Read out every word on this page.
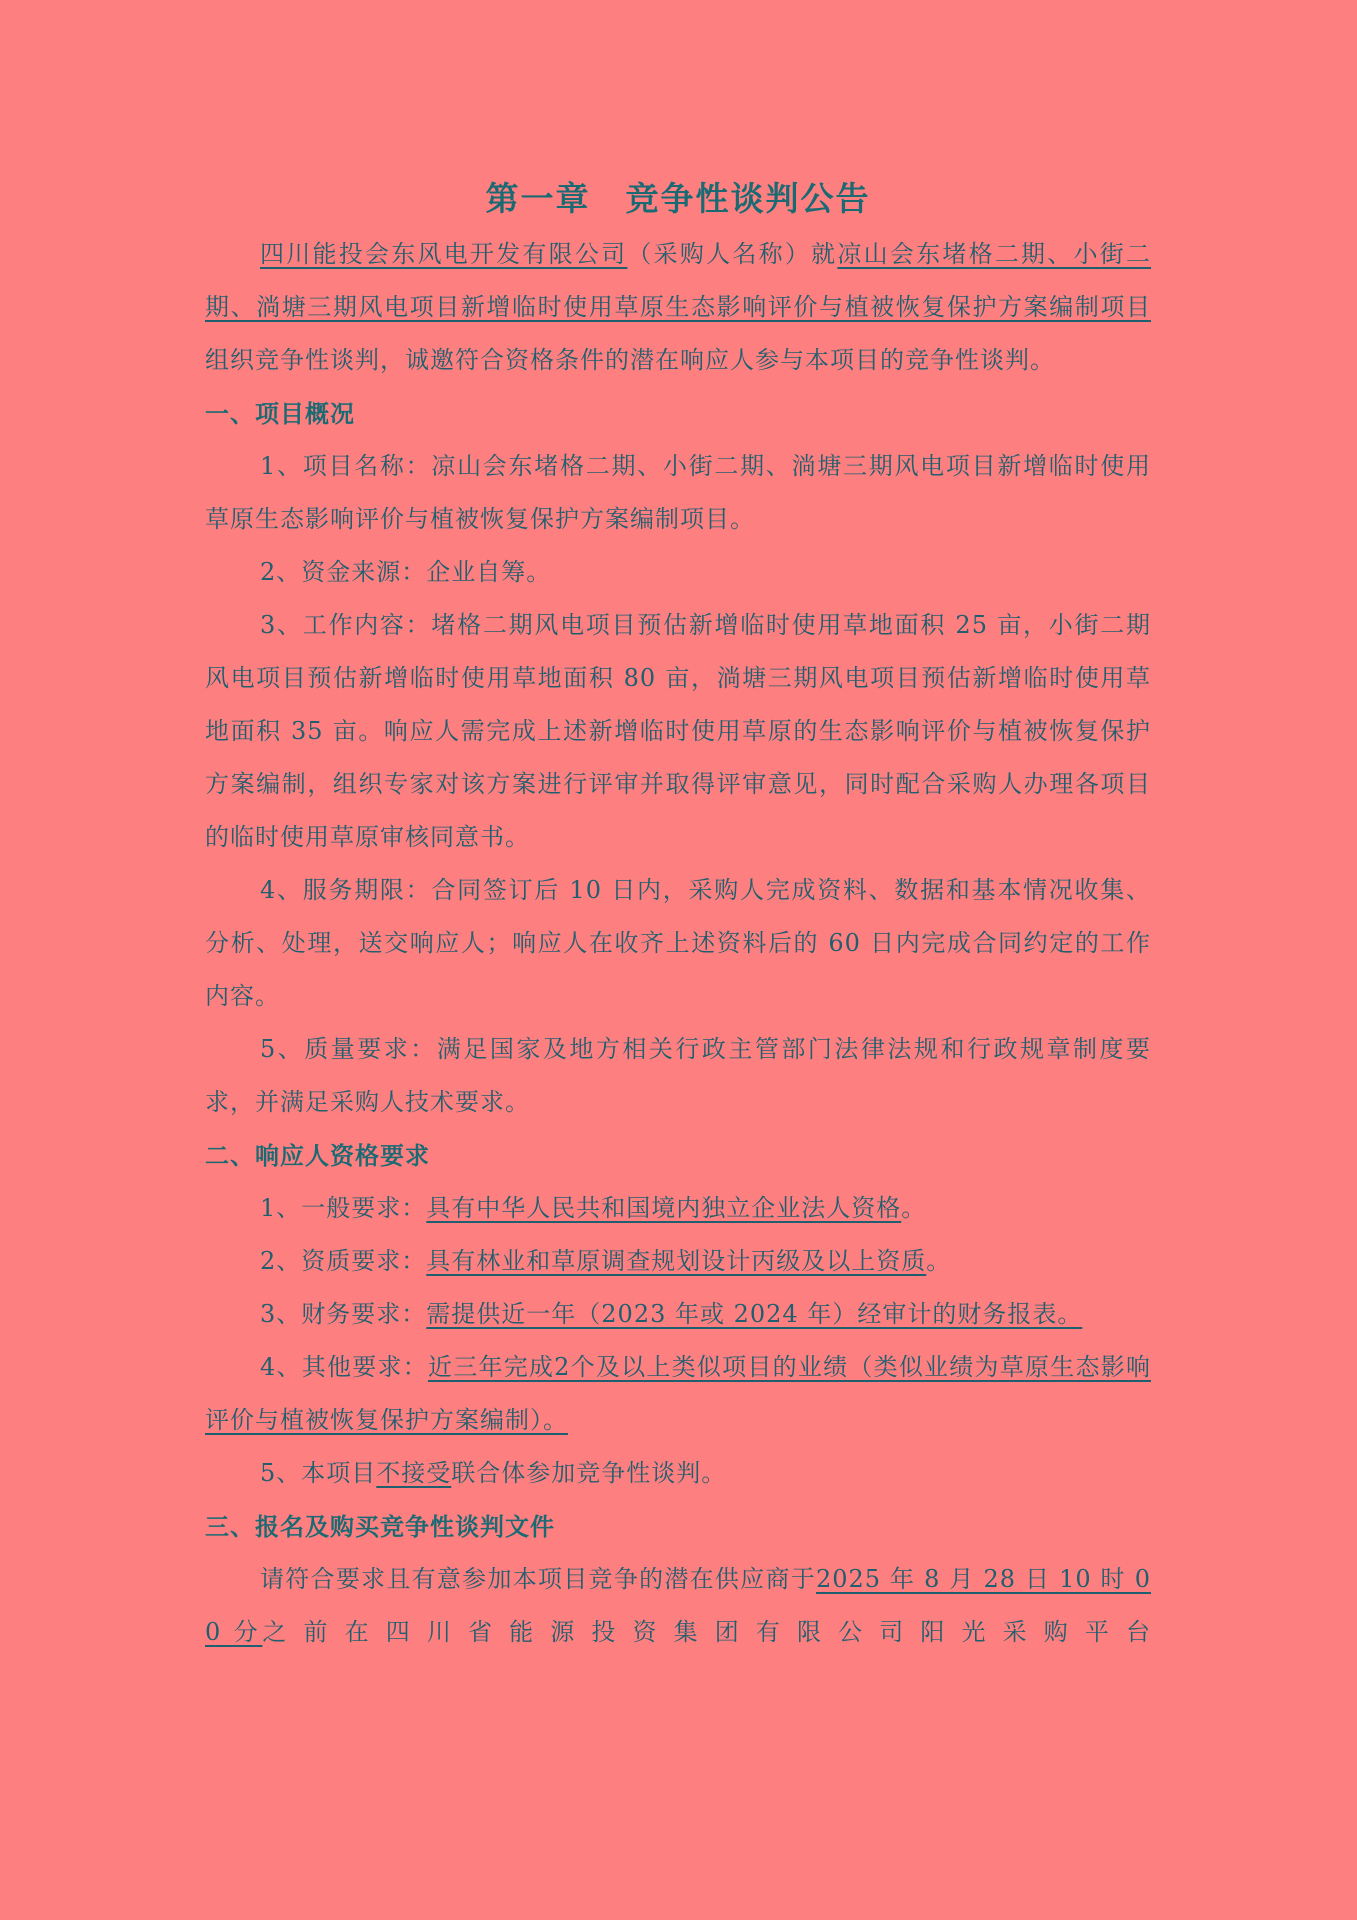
第一章　竞争性谈判公告

四川能投会东风电开发有限公司（采购人名称）就凉山会东堵格二期、小街二期、淌塘三期风电项目新增临时使用草原生态影响评价与植被恢复保护方案编制项目组织竞争性谈判，诚邀符合资格条件的潜在响应人参与本项目的竞争性谈判。

一、项目概况

1、项目名称：凉山会东堵格二期、小街二期、淌塘三期风电项目新增临时使用草原生态影响评价与植被恢复保护方案编制项目。

2、资金来源：企业自筹。

3、工作内容：堵格二期风电项目预估新增临时使用草地面积 25 亩，小街二期风电项目预估新增临时使用草地面积 80 亩，淌塘三期风电项目预估新增临时使用草地面积 35 亩。响应人需完成上述新增临时使用草原的生态影响评价与植被恢复保护方案编制，组织专家对该方案进行评审并取得评审意见，同时配合采购人办理各项目的临时使用草原审核同意书。

4、服务期限：合同签订后 10 日内，采购人完成资料、数据和基本情况收集、分析、处理，送交响应人；响应人在收齐上述资料后的 60 日内完成合同约定的工作内容。

5、质量要求：满足国家及地方相关行政主管部门法律法规和行政规章制度要求，并满足采购人技术要求。

二、响应人资格要求

1、一般要求：具有中华人民共和国境内独立企业法人资格。

2、资质要求：具有林业和草原调查规划设计丙级及以上资质。

3、财务要求：需提供近一年（2023 年或 2024 年）经审计的财务报表。

4、其他要求：近三年完成2个及以上类似项目的业绩（类似业绩为草原生态影响评价与植被恢复保护方案编制）。

5、本项目不接受联合体参加竞争性谈判。

三、报名及购买竞争性谈判文件

请符合要求且有意参加本项目竞争的潜在供应商于2025 年 8 月 28 日 10 时 00 分之 前 在 四 川 省 能 源 投 资 集 团 有 限 公 司 阳 光 采 购 平 台
